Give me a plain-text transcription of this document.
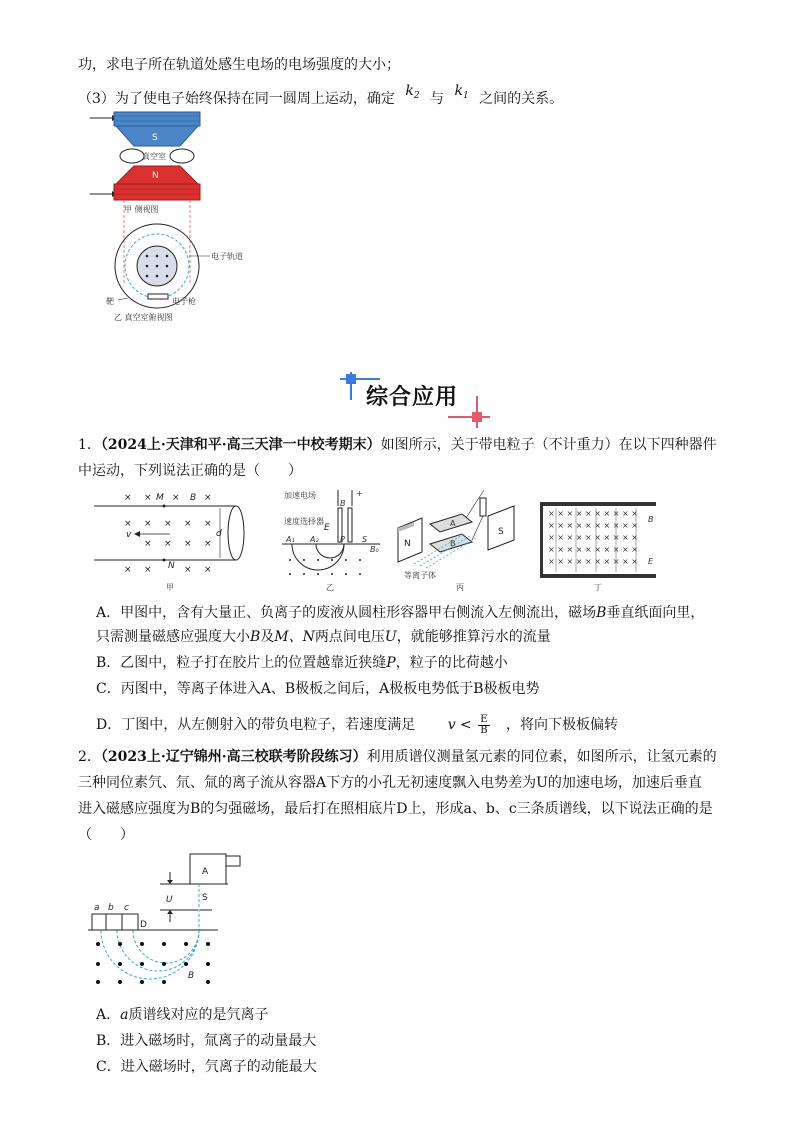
功，求电子所在轨道处感生电场的电场强度的大小；
（3）为了使电子始终保持在同一圆周上运动，确定 $k_2$ 与 $k_1$ 之间的关系。
S
真空室
N
甲 侧视图
电子轨道
靶	电子枪
乙 真空室俯视图
综合应用
1．（2024上·天津和平·高三天津一中校考期末）如图所示，关于带电粒子（不计重力）在以下四种器件
中运动，下列说法正确的是（　　）
× × ×	×
× × × × ×
× × × ×
× ×	× ×
M	B
N
v	d
甲
加速电场	+
速度选择器
E
B
A₁ A₂	P S
B₀
乙
N
A
B
S
等离子体
丙
× × × × × × × × × ×
× × × × × × × × × ×
× × × × × × × × × ×
× × × × × × × × × ×
× × × × × × × × × ×
B
E
丁
A．甲图中，含有大量正、负离子的废液从圆柱形容器甲右侧流入左侧流出，磁场B垂直纸面向里，
只需测量磁感应强度大小B及M、N两点间电压U，就能够推算污水的流量
B．乙图中，粒子打在胶片上的位置越靠近狭缝P，粒子的比荷越小
C．丙图中，等离子体进入A、B极板之间后，A极板电势低于B极板电势
D．丁图中，从左侧射入的带负电粒子，若速度满足 $v < \frac{E}{B}$ ，将向下极板偏转
2．（2023上·辽宁锦州·高三校联考阶段练习）利用质谱仪测量氢元素的同位素，如图所示，让氢元素的
三种同位素氕、氘、氚的离子流从容器A下方的小孔无初速度飘入电势差为U的加速电场，加速后垂直
进入磁感应强度为B的匀强磁场，最后打在照相底片D上，形成a、b、c三条质谱线，以下说法正确的是
（　　）
A
U	S
a b c
D
B
A．a质谱线对应的是氕离子
B．进入磁场时，氚离子的动量最大
C．进入磁场时，氕离子的动能最大
